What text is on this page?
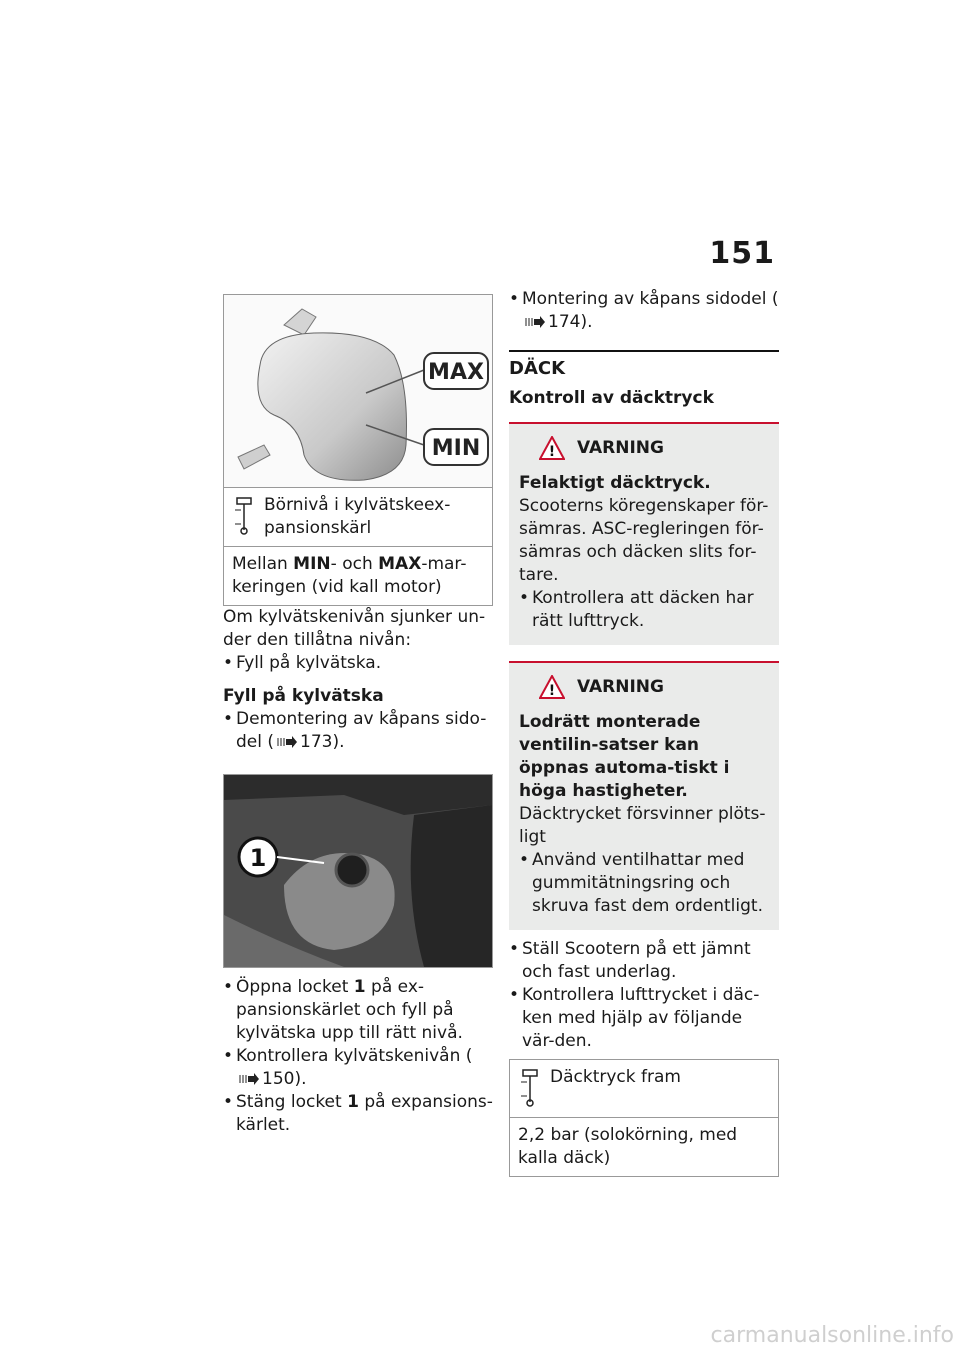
151
MAX
MIN
Börnivå i kylvätskeex-pansionskärl
Mellan MIN- och MAX-mar-keringen (vid kall motor)
Om kylvätskenivån sjunker un-der den tillåtna nivån:
• Fyll på kylvätska.
Fyll på kylvätska
• Demontering av kåpans sido-del ( 173).
1
• Öppna locket 1 på ex-pansionskärlet och fyll på kylvätska upp till rätt nivå.
• Kontrollera kylvätskenivån (150).
• Stäng locket 1 på expansions-kärlet.
• Montering av kåpans sidodel (174).
DÄCK
Kontroll av däcktryck
! VARNING
Felaktigt däcktryck.
Scooterns köregenskaper för-sämras. ASC-regleringen för-sämras och däcken slits for-tare.
• Kontrollera att däcken har rätt lufttryck.
! VARNING
Lodrätt monterade ventilin-satser kan öppnas automa-tiskt i höga hastigheter.
Däcktrycket försvinner plöts-ligt
• Använd ventilhattar med gummitätningsring och skruva fast dem ordentligt.
• Ställ Scootern på ett jämnt och fast underlag.
• Kontrollera lufttrycket i däc-ken med hjälp av följande vär-den.
Däcktryck fram
2,2 bar (solokörning, med kalla däck)
carmanualsonline.info
